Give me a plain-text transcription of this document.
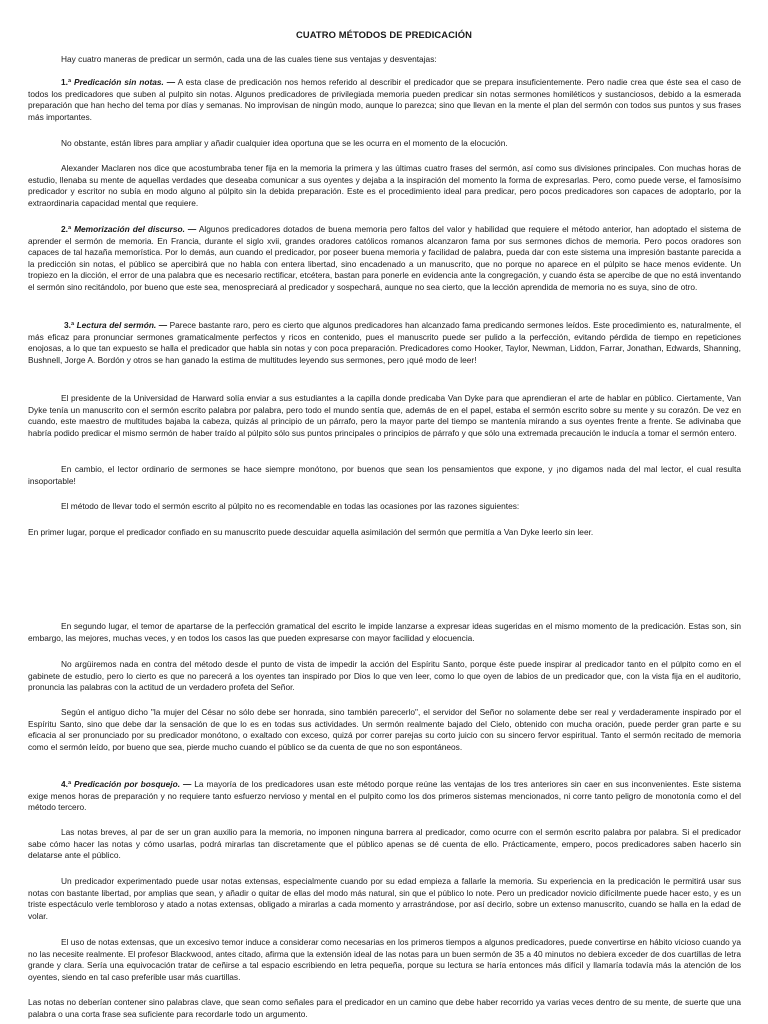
CUATRO MÉTODOS DE PREDICACIÓN

Hay cuatro maneras de predicar un sermón, cada una de las cuales tiene sus ventajas y desventajas:

1.ª Predicación sin notas. — A esta clase de predicación nos hemos referido al describir el predicador que se prepara insuficientemente. Pero nadie crea que éste sea el caso de todos los predicadores que suben al pulpito sin notas. Algunos predicadores de privilegiada memoria pueden predicar sin notas sermones homiléticos y sustanciosos, debido a la esmerada preparación que han hecho del tema por días y semanas. No improvisan de ningún modo, aunque lo parezca; sino que llevan en la mente el plan del sermón con todos sus puntos y sus frases más importantes.

No obstante, están libres para ampliar y añadir cualquier idea oportuna que se les ocurra en el momento de la elocución.

Alexander Maclaren nos dice que acostumbraba tener fija en la memoria la primera y las últimas cuatro frases del sermón, así como sus divisiones principales. Con muchas horas de estudio, llenaba su mente de aquellas verdades que deseaba comunicar a sus oyentes y dejaba a la inspiración del momento la forma de expresarlas. Pero, como puede verse, el famosísimo predicador y escritor no subía en modo alguno al púlpito sin la debida preparación. Este es el procedimiento ideal para predicar, pero pocos predicadores son capaces de adoptarlo, por la extraordinaria capacidad mental que requiere.

2.ª Memorización del discurso. — Algunos predicadores dotados de buena memoria pero faltos del valor y habilidad que requiere el método anterior, han adoptado el sistema de aprender el sermón de memoria. En Francia, durante el siglo xvii, grandes oradores católicos romanos alcanzaron fama por sus sermones dichos de memoria. Pero pocos oradores son capaces de tal hazaña memorística. Por lo demás, aun cuando el predicador, por poseer buena memoria y facilidad de palabra, pueda dar con este sistema una impresión bastante parecida a la predicción sin notas, el público se apercibirá que no habla con entera libertad, sino encadenado a un manuscrito, que no porque no aparece en el púlpito se hace menos evidente. Un tropiezo en la dicción, el error de una palabra que es necesario rectificar, etcétera, bastan para ponerle en evidencia ante la congregación, y cuando ésta se apercibe de que no está inventando el sermón sino recitándolo, por bueno que este sea, menospreciará al predicador y sospechará, aunque no sea cierto, que la lección aprendida de memoria no es suya, sino de otro.

3.ª Lectura del sermón. — Parece bastante raro, pero es cierto que algunos predicadores han alcanzado fama predicando sermones leídos. Este procedimiento es, naturalmente, el más eficaz para pronunciar sermones gramaticalmente perfectos y ricos en contenido, pues el manuscrito puede ser pulido a la perfección, evitando pérdida de tiempo en repeticiones enojosas, a lo que tan expuesto se halla el predicador que habla sin notas y con poca preparación. Predicadores como Hooker, Taylor, Newman, Liddon, Farrar, Jonathan, Edwards, Shanning, Bushnell, Jorge A. Bordón y otros se han ganado la estima de multitudes leyendo sus sermones, pero ¡qué modo de leer!

El presidente de la Universidad de Harward solía enviar a sus estudiantes a la capilla donde predicaba Van Dyke para que aprendieran el arte de hablar en público. Ciertamente, Van Dyke tenía un manuscrito con el sermón escrito palabra por palabra, pero todo el mundo sentía que, además de en el papel, estaba el sermón escrito sobre su mente y su corazón. De vez en cuando, este maestro de multitudes bajaba la cabeza, quizás al principio de un párrafo, pero la mayor parte del tiempo se mantenía mirando a sus oyentes frente a frente. Se adivinaba que habría podido predicar el mismo sermón de haber traído al púlpito sólo sus puntos principales o principios de párrafo y que sólo una extremada precaución le inducía a tomar el sermón entero.

En cambio, el lector ordinario de sermones se hace siempre monótono, por buenos que sean los pensamientos que expone, y ¡no digamos nada del mal lector, el cual resulta insoportable!

El método de llevar todo el sermón escrito al púlpito no es recomendable en todas las ocasiones por las razones siguientes:

En primer lugar, porque el predicador confiado en su manuscrito puede descuidar aquella asimilación del sermón que permitía a Van Dyke leerlo sin leer.

En segundo lugar, el temor de apartarse de la perfección gramatical del escrito le impide lanzarse a expresar ideas sugeridas en el mismo momento de la predicación. Estas son, sin embargo, las mejores, muchas veces, y en todos los casos las que pueden expresarse con mayor facilidad y elocuencia.

No argüiremos nada en contra del método desde el punto de vista de impedir la acción del Espíritu Santo, porque éste puede inspirar al predicador tanto en el púlpito como en el gabinete de estudio, pero lo cierto es que no parecerá a los oyentes tan inspirado por Dios lo que ven leer, como lo que oyen de labios de un predicador que, con la vista fija en el auditorio, pronuncia las palabras con la actitud de un verdadero profeta del Señor.

Según el antiguo dicho "la mujer del César no sólo debe ser honrada, sino también parecerlo", el servidor del Señor no solamente debe ser real y verdaderamente inspirado por el Espíritu Santo, sino que debe dar la sensación de que lo es en todas sus actividades. Un sermón realmente bajado del Cielo, obtenido con mucha oración, puede perder gran parte e su eficacia al ser pronunciado por su predicador monótono, o exaltado con exceso, quizá por correr parejas su corto juicio con su sincero fervor espiritual. Tanto el sermón recitado de memoria como el sermón leído, por bueno que sea, pierde mucho cuando el público se da cuenta de que no son espontáneos.

4.ª Predicación por bosquejo. — La mayoría de los predicadores usan este método porque reúne las ventajas de los tres anteriores sin caer en sus inconvenientes. Este sistema exige menos horas de preparación y no requiere tanto esfuerzo nervioso y mental en el pulpito como los dos primeros sistemas mencionados, ni corre tanto peligro de monotonía como el del método tercero.

Las notas breves, al par de ser un gran auxilio para la memoria, no imponen ninguna barrera al predicador, como ocurre con el sermón escrito palabra por palabra. Si el predicador sabe cómo hacer las notas y cómo usarlas, podrá mirarlas tan discretamente que el público apenas se dé cuenta de ello. Prácticamente, empero, pocos predicadores saben hacerlo sin delatarse ante el público.

Un predicador experimentado puede usar notas extensas, especialmente cuando por su edad empieza a fallarle la memoria. Su experiencia en la predicación le permitirá usar sus notas con bastante libertad, por amplias que sean, y añadir o quitar de ellas del modo más natural, sin que el público lo note. Pero un predicador novicio difícilmente puede hacer esto, y es un triste espectáculo verle tembloroso y atado a notas extensas, obligado a mirarlas a cada momento y arrastrándose, por así decirlo, sobre un extenso manuscrito, cuando se halla en la edad de volar.

El uso de notas extensas, que un excesivo temor induce a considerar como necesarias en los primeros tiempos a algunos predicadores, puede convertirse en hábito vicioso cuando ya no las necesite realmente. El profesor Blackwood, antes citado, afirma que la extensión ideal de las notas para un buen sermón de 35 a 40 minutos no debiera exceder de dos cuartillas de letra grande y clara. Sería una equivocación tratar de ceñirse a tal espacio escribiendo en letra pequeña, porque su lectura se haría entonces más difícil y llamaría todavía más la atención de los oyentes, siendo en tal caso preferible usar más cuartillas.

Las notas no deberían contener sino palabras clave, que sean como señales para el predicador en un camino que debe haber recorrido ya varias veces dentro de su mente, de suerte que una palabra o una corta frase sea suficiente para recordarle todo un argumento.
